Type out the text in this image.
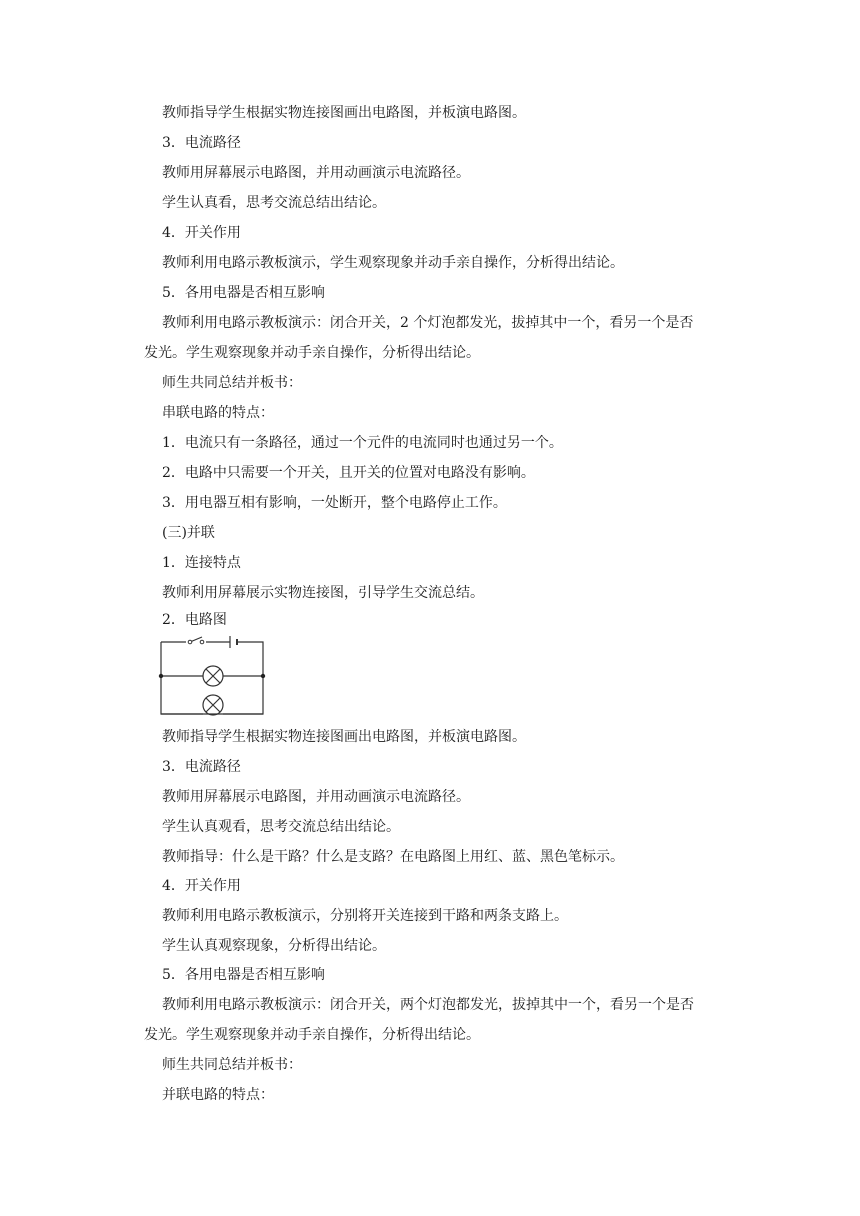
教师指导学生根据实物连接图画出电路图，并板演电路图。
3．电流路径
教师用屏幕展示电路图，并用动画演示电流路径。
学生认真看，思考交流总结出结论。
4．开关作用
教师利用电路示教板演示，学生观察现象并动手亲自操作，分析得出结论。
5．各用电器是否相互影响
教师利用电路示教板演示：闭合开关，2 个灯泡都发光，拔掉其中一个，看另一个是否
发光。学生观察现象并动手亲自操作，分析得出结论。
师生共同总结并板书：
串联电路的特点：
1．电流只有一条路径，通过一个元件的电流同时也通过另一个。
2．电路中只需要一个开关，且开关的位置对电路没有影响。
3．用电器互相有影响，一处断开，整个电路停止工作。
(三)并联
1．连接特点
教师利用屏幕展示实物连接图，引导学生交流总结。
2．电路图
教师指导学生根据实物连接图画出电路图，并板演电路图。
3．电流路径
教师用屏幕展示电路图，并用动画演示电流路径。
学生认真观看，思考交流总结出结论。
教师指导：什么是干路？什么是支路？在电路图上用红、蓝、黑色笔标示。
4．开关作用
教师利用电路示教板演示，分别将开关连接到干路和两条支路上。
学生认真观察现象，分析得出结论。
5．各用电器是否相互影响
教师利用电路示教板演示：闭合开关，两个灯泡都发光，拔掉其中一个，看另一个是否
发光。学生观察现象并动手亲自操作，分析得出结论。
师生共同总结并板书：
并联电路的特点：
